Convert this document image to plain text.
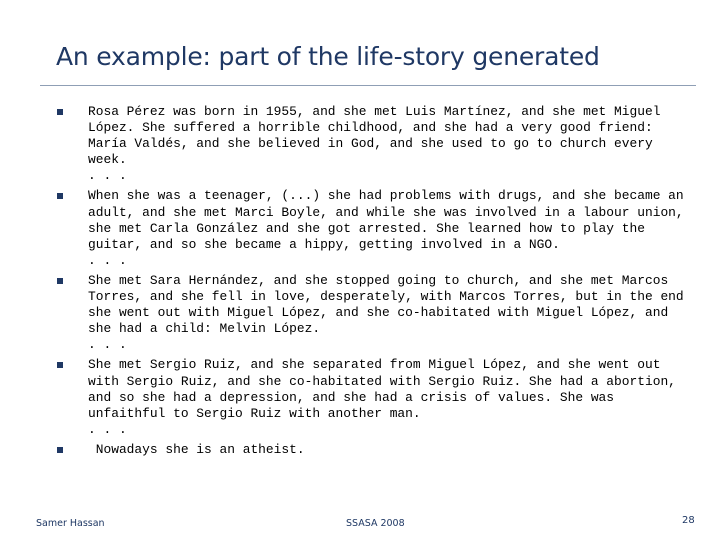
An example: part of the life-story generated
Rosa Pérez was born in 1955, and she met Luis Martínez, and she met Miguel López. She suffered a horrible childhood, and she had a very good friend: María Valdés, and she believed in God, and she used to go to church every week.
. . .
When she was a teenager, (...) she had problems with drugs, and she became an adult, and she met Marci Boyle, and while she was involved in a labour union, she met Carla González and she got arrested. She learned how to play the guitar, and so she became a hippy, getting involved in a NGO.
. . .
She met Sara Hernández, and she stopped going to church, and she met Marcos Torres, and she fell in love, desperately, with Marcos Torres, but in the end she went out with Miguel López, and she co-habitated with Miguel López, and she had a child: Melvin López.
. . .
She met Sergio Ruiz, and she separated from Miguel López, and she went out with Sergio Ruiz, and she co-habitated with Sergio Ruiz. She had a abortion, and so she had a depression, and she had a crisis of values. She was unfaithful to Sergio Ruiz with another man.
. . .
Nowadays she is an atheist.
Samer Hassan	SSASA 2008	28
